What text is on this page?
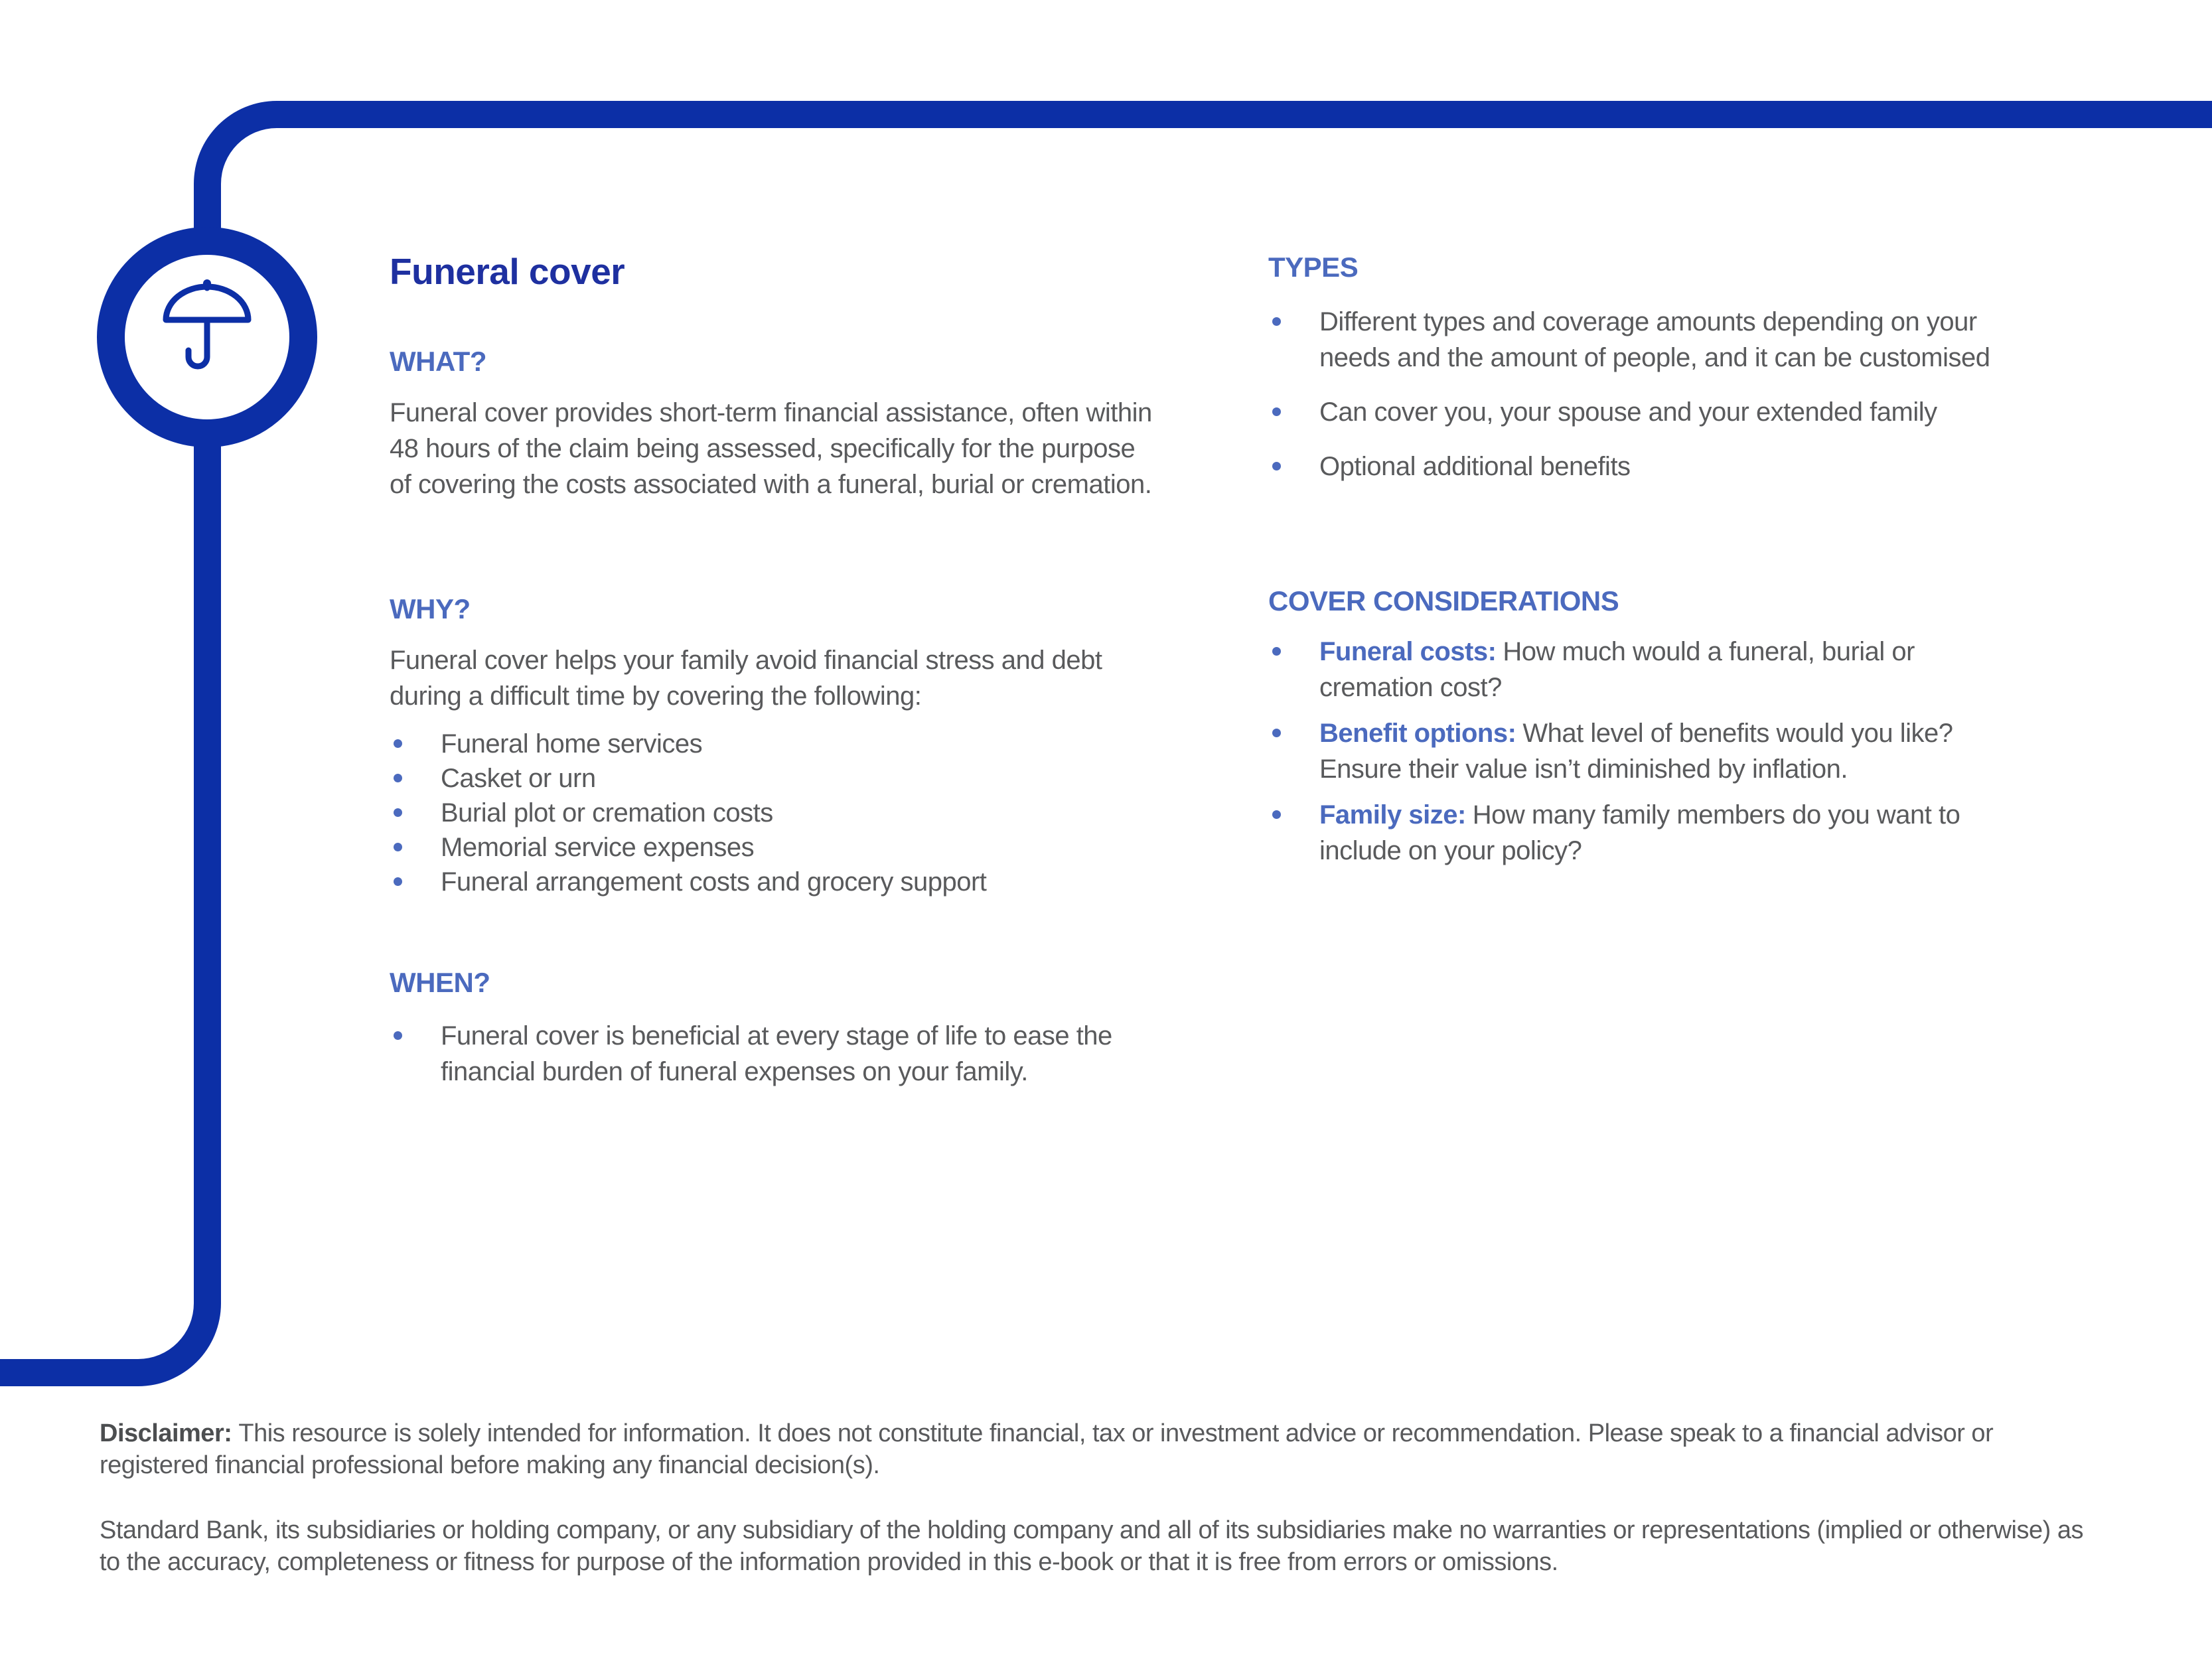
Funeral cover
WHAT?
Funeral cover provides short-term financial assistance, often within 48 hours of the claim being assessed, specifically for the purpose of covering the costs associated with a funeral, burial or cremation.
WHY?
Funeral cover helps your family avoid financial stress and debt during a difficult time by covering the following:
Funeral home services
Casket or urn
Burial plot or cremation costs
Memorial service expenses
Funeral arrangement costs and grocery support
WHEN?
Funeral cover is beneficial at every stage of life to ease the financial burden of funeral expenses on your family.
TYPES
Different types and coverage amounts depending on your needs and the amount of people, and it can be customised
Can cover you, your spouse and your extended family
Optional additional benefits
COVER CONSIDERATIONS
Funeral costs: How much would a funeral, burial or cremation cost?
Benefit options: What level of benefits would you like? Ensure their value isn’t diminished by inflation.
Family size: How many family members do you want to include on your policy?

Disclaimer: This resource is solely intended for information. It does not constitute financial, tax or investment advice or recommendation. Please speak to a financial advisor or registered financial professional before making any financial decision(s).

Standard Bank, its subsidiaries or holding company, or any subsidiary of the holding company and all of its subsidiaries make no warranties or representations (implied or otherwise) as to the accuracy, completeness or fitness for purpose of the information provided in this e-book or that it is free from errors or omissions.
